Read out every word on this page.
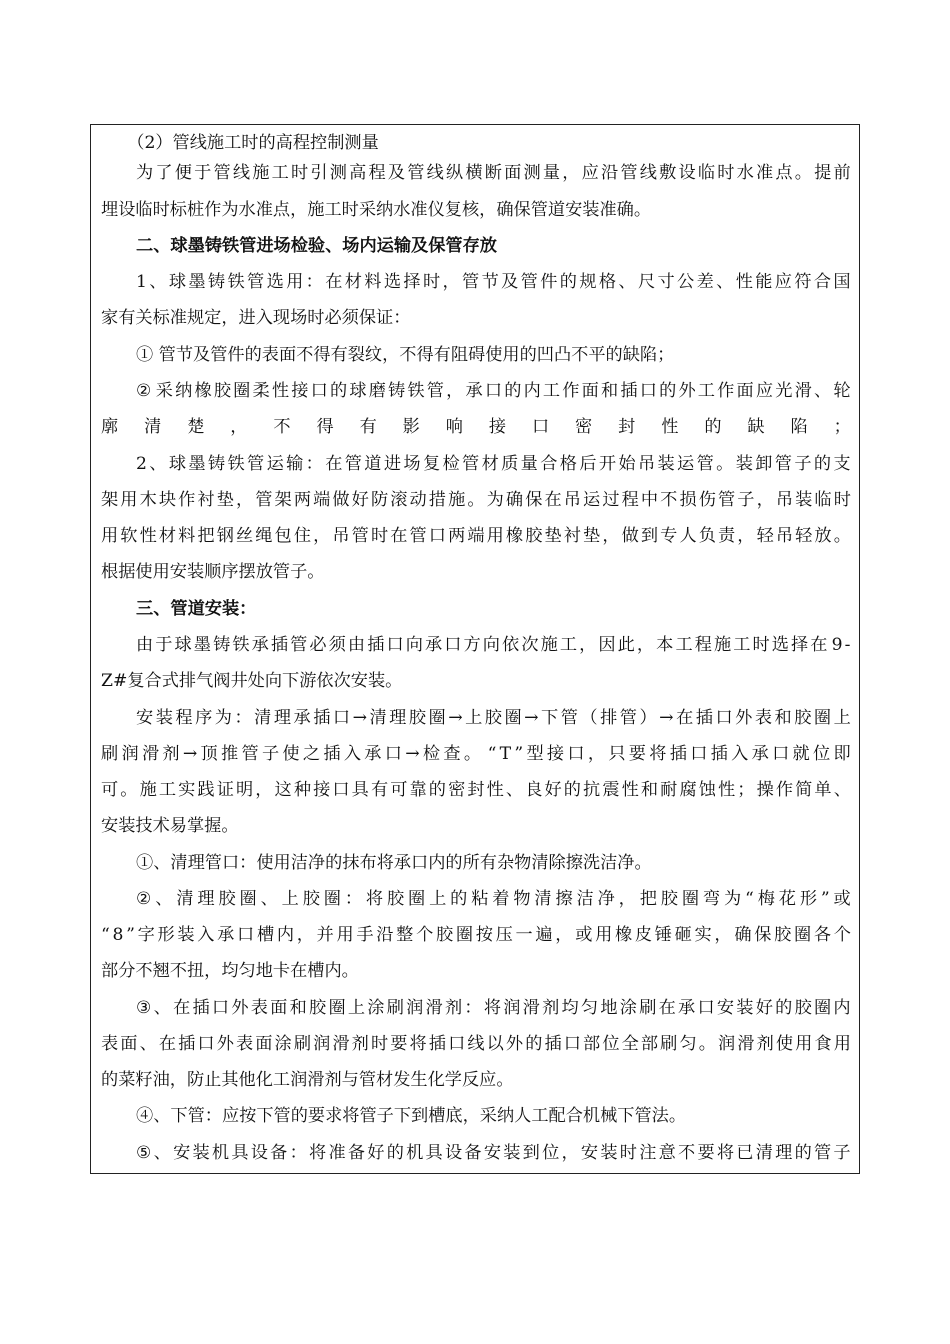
（2）管线施工时的高程控制测量
为 了 便 于 管 线 施 工 时 引 测 高 程 及 管 线 纵 横 断 面 测 量 ， 应 沿 管 线 敷 设 临 时 水 准 点 。 提 前
埋设临时标桩作为水准点，施工时采纳水准仪复核，确保管道安装准确。
二、球墨铸铁管进场检验、场内运输及保管存放
1 、 球 墨 铸 铁 管 选 用 ： 在 材 料 选 择 时 ， 管 节 及 管 件 的 规 格 、 尺 寸 公 差 、 性 能 应 符 合 国
家有关标准规定，进入现场时必须保证：
① 管节及管件的表面不得有裂纹，不得有阻碍使用的凹凸不平的缺陷；
② 采 纳 橡 胶 圈 柔 性 接 口 的 球 磨 铸 铁 管 ， 承 口 的 内 工 作 面 和 插 口 的 外 工 作 面 应 光 滑 、 轮
廓 清 楚 ， 不 得 有 影 响 接 口 密 封 性 的 缺 陷 ；
2 、 球 墨 铸 铁 管 运 输 ： 在 管 道 进 场 复 检 管 材 质 量 合 格 后 开 始 吊 装 运 管 。 装 卸 管 子 的 支
架 用 木 块 作 衬 垫 ， 管 架 两 端 做 好 防 滚 动 措 施 。 为 确 保 在 吊 运 过 程 中 不 损 伤 管 子 ， 吊 装 临 时
用 软 性 材 料 把 钢 丝 绳 包 住 ， 吊 管 时 在 管 口 两 端 用 橡 胶 垫 衬 垫 ， 做 到 专 人 负 责 ， 轻 吊 轻 放 。
根据使用安装顺序摆放管子。
三、管道安装：
由 于 球 墨 铸 铁 承 插 管 必 须 由 插 口 向 承 口 方 向 依 次 施 工 ， 因 此 ， 本 工 程 施 工 时 选 择 在 9 -
Z#复合式排气阀井处向下游依次安装。
安 装 程 序 为 ： 清 理 承 插 口 → 清 理 胶 圈 → 上 胶 圈 → 下 管 （ 排 管 ） → 在 插 口 外 表 和 胶 圈 上
刷 润 滑 剂 → 顶 推 管 子 使 之 插 入 承 口 → 检 查 。 “ T ” 型 接 口 ， 只 要 将 插 口 插 入 承 口 就 位 即
可 。 施 工 实 践 证 明 ， 这 种 接 口 具 有 可 靠 的 密 封 性 、 良 好 的 抗 震 性 和 耐 腐 蚀 性 ； 操 作 简 单 、
安装技术易掌握。
①、清理管口：使用洁净的抹布将承口内的所有杂物清除擦洗洁净。
② 、 清 理 胶 圈 、 上 胶 圈 ： 将 胶 圈 上 的 粘 着 物 清 擦 洁 净 ， 把 胶 圈 弯 为 “ 梅 花 形 ” 或
“ 8 ” 字 形 装 入 承 口 槽 内 ， 并 用 手 沿 整 个 胶 圈 按 压 一 遍 ， 或 用 橡 皮 锤 砸 实 ， 确 保 胶 圈 各 个
部分不翘不扭，均匀地卡在槽内。
③ 、 在 插 口 外 表 面 和 胶 圈 上 涂 刷 润 滑 剂 ： 将 润 滑 剂 均 匀 地 涂 刷 在 承 口 安 装 好 的 胶 圈 内
表 面 、 在 插 口 外 表 面 涂 刷 润 滑 剂 时 要 将 插 口 线 以 外 的 插 口 部 位 全 部 刷 匀 。 润 滑 剂 使 用 食 用
的菜籽油，防止其他化工润滑剂与管材发生化学反应。
④、下管：应按下管的要求将管子下到槽底，采纳人工配合机械下管法。
⑤ 、 安 装 机 具 设 备 ： 将 准 备 好 的 机 具 设 备 安 装 到 位 ， 安 装 时 注 意 不 要 将 已 清 理 的 管 子
